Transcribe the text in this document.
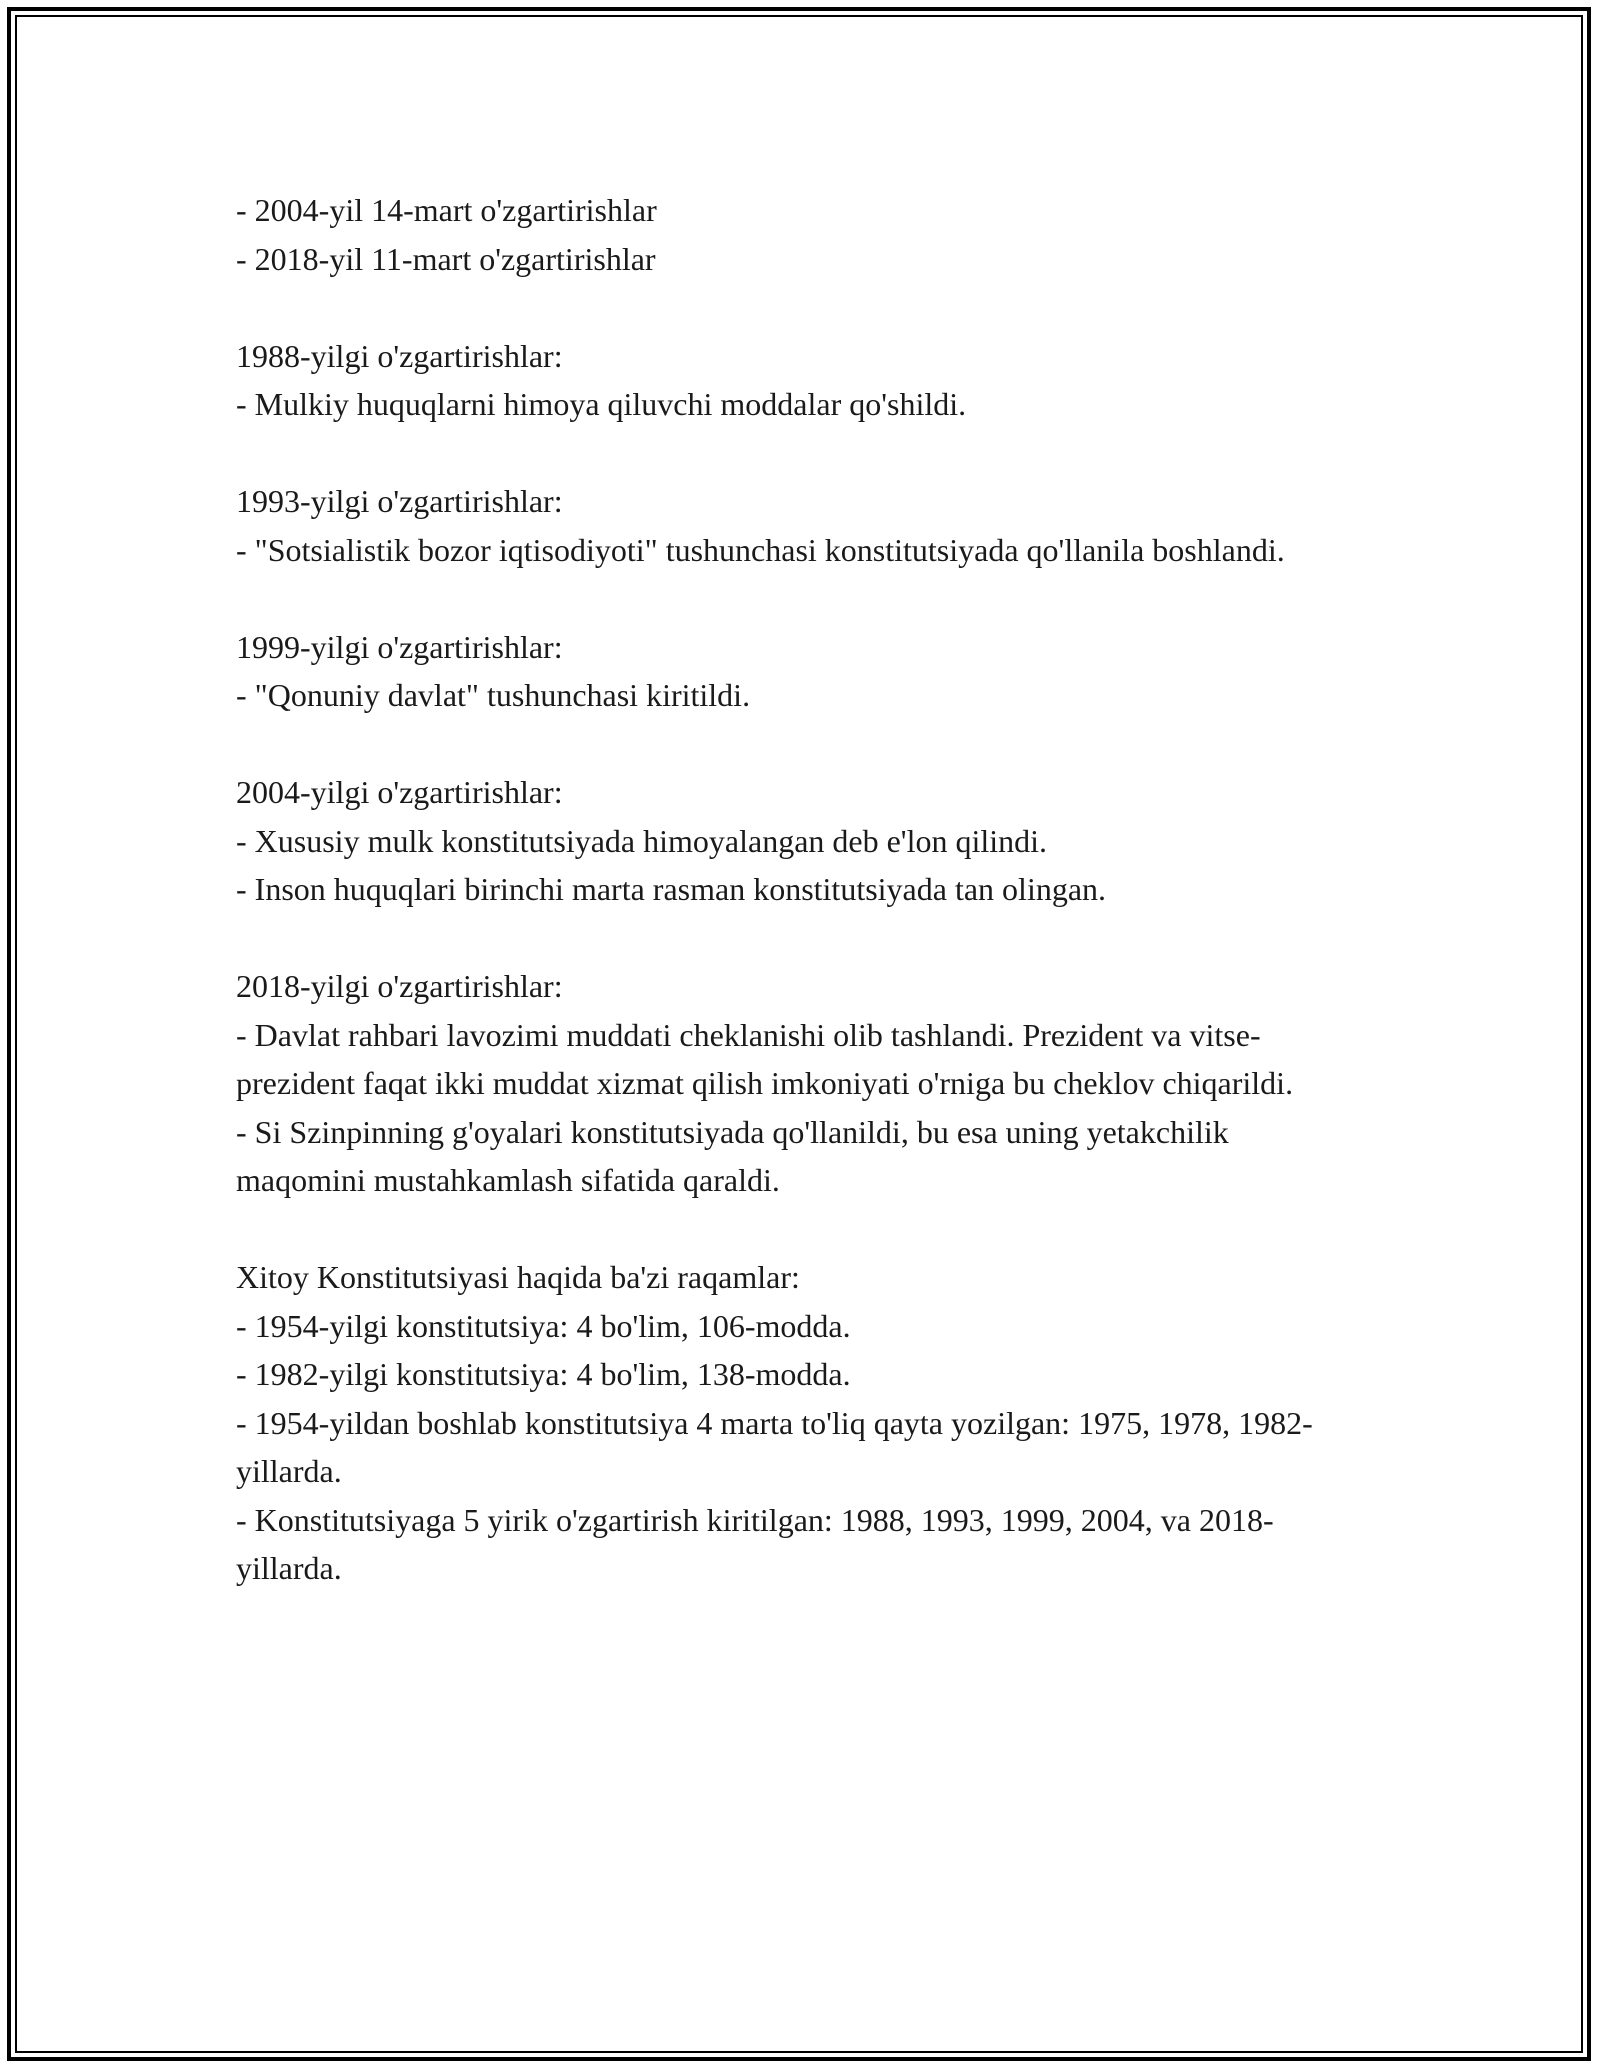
- 2004-yil 14-mart o'zgartirishlar

- 2018-yil 11-mart o'zgartirishlar

1988-yilgi o'zgartirishlar:

- Mulkiy huquqlarni himoya qiluvchi moddalar qo'shildi.

1993-yilgi o'zgartirishlar:

- "Sotsialistik bozor iqtisodiyoti" tushunchasi konstitutsiyada qo'llanila boshlandi.

1999-yilgi o'zgartirishlar:

- "Qonuniy davlat" tushunchasi kiritildi.

2004-yilgi o'zgartirishlar:

- Xususiy mulk konstitutsiyada himoyalangan deb e'lon qilindi.

- Inson huquqlari birinchi marta rasman konstitutsiyada tan olingan.

2018-yilgi o'zgartirishlar:

- Davlat rahbari lavozimi muddati cheklanishi olib tashlandi. Prezident va vitse-prezident faqat ikki muddat xizmat qilish imkoniyati o'rniga bu cheklov chiqarildi.

- Si Szinpinning g'oyalari konstitutsiyada qo'llanildi, bu esa uning yetakchilik maqomini mustahkamlash sifatida qaraldi.

Xitoy Konstitutsiyasi haqida ba'zi raqamlar:

- 1954-yilgi konstitutsiya: 4 bo'lim, 106-modda.

- 1982-yilgi konstitutsiya: 4 bo'lim, 138-modda.

- 1954-yildan boshlab konstitutsiya 4 marta to'liq qayta yozilgan: 1975, 1978, 1982-yillarda.

- Konstitutsiyaga 5 yirik o'zgartirish kiritilgan: 1988, 1993, 1999, 2004, va 2018-yillarda.
